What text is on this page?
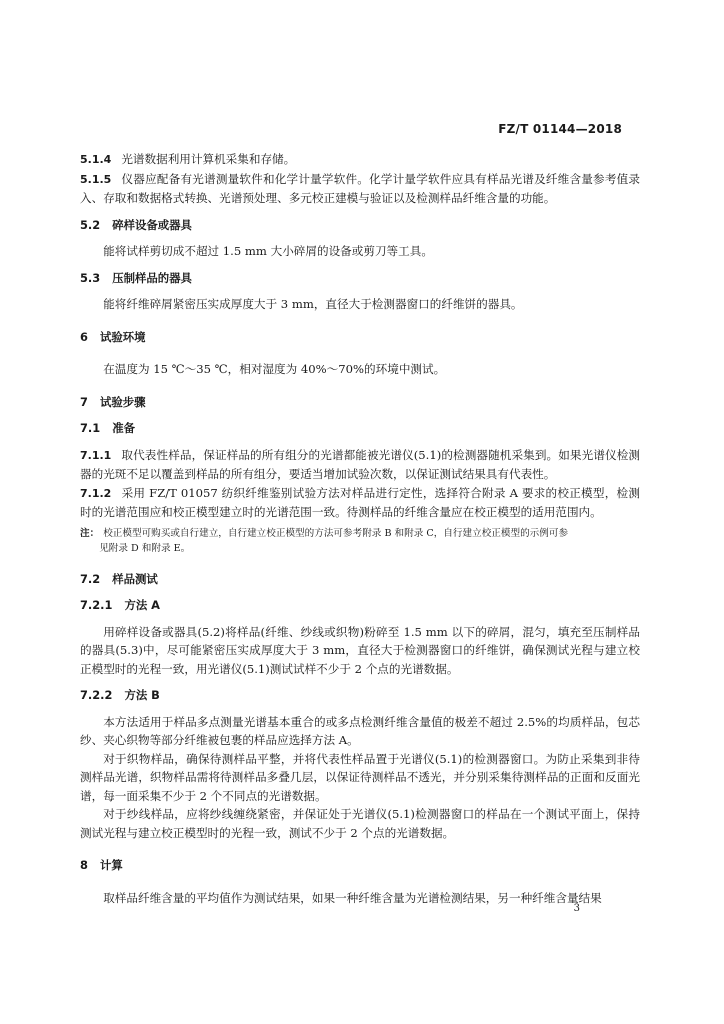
FZ/T 01144—2018

5.1.4 光谱数据利用计算机采集和存储。

5.1.5 仪器应配备有光谱测量软件和化学计量学软件。化学计量学软件应具有样品光谱及纤维含量参考值录入、存取和数据格式转换、光谱预处理、多元校正建模与验证以及检测样品纤维含量的功能。

5.2 碎样设备或器具

能将试样剪切成不超过 1.5 mm 大小碎屑的设备或剪刀等工具。

5.3 压制样品的器具

能将纤维碎屑紧密压实成厚度大于 3 mm，直径大于检测器窗口的纤维饼的器具。

6 试验环境

在温度为 15 ℃～35 ℃，相对湿度为 40%～70%的环境中测试。

7 试验步骤

7.1 准备

7.1.1 取代表性样品，保证样品的所有组分的光谱都能被光谱仪(5.1)的检测器随机采集到。如果光谱仪检测器的光斑不足以覆盖到样品的所有组分，要适当增加试验次数，以保证测试结果具有代表性。

7.1.2 采用 FZ/T 01057 纺织纤维鉴别试验方法对样品进行定性，选择符合附录 A 要求的校正模型，检测时的光谱范围应和校正模型建立时的光谱范围一致。待测样品的纤维含量应在校正模型的适用范围内。

注： 校正模型可购买或自行建立，自行建立校正模型的方法可参考附录 B 和附录 C，自行建立校正模型的示例可参
见附录 D 和附录 E。

7.2 样品测试

7.2.1 方法 A

用碎样设备或器具(5.2)将样品(纤维、纱线或织物)粉碎至 1.5 mm 以下的碎屑，混匀，填充至压制样品的器具(5.3)中，尽可能紧密压实成厚度大于 3 mm，直径大于检测器窗口的纤维饼，确保测试光程与建立校正模型时的光程一致，用光谱仪(5.1)测试试样不少于 2 个点的光谱数据。

7.2.2 方法 B

本方法适用于样品多点测量光谱基本重合的或多点检测纤维含量值的极差不超过 2.5%的均质样品，包芯纱、夹心织物等部分纤维被包裹的样品应选择方法 A。

对于织物样品，确保待测样品平整，并将代表性样品置于光谱仪(5.1)的检测器窗口。为防止采集到非待测样品光谱，织物样品需将待测样品多叠几层，以保证待测样品不透光，并分别采集待测样品的正面和反面光谱，每一面采集不少于 2 个不同点的光谱数据。

对于纱线样品，应将纱线缠绕紧密，并保证处于光谱仪(5.1)检测器窗口的样品在一个测试平面上，保持测试光程与建立校正模型时的光程一致，测试不少于 2 个点的光谱数据。

8 计算

取样品纤维含量的平均值作为测试结果，如果一种纤维含量为光谱检测结果，另一种纤维含量结果

3
